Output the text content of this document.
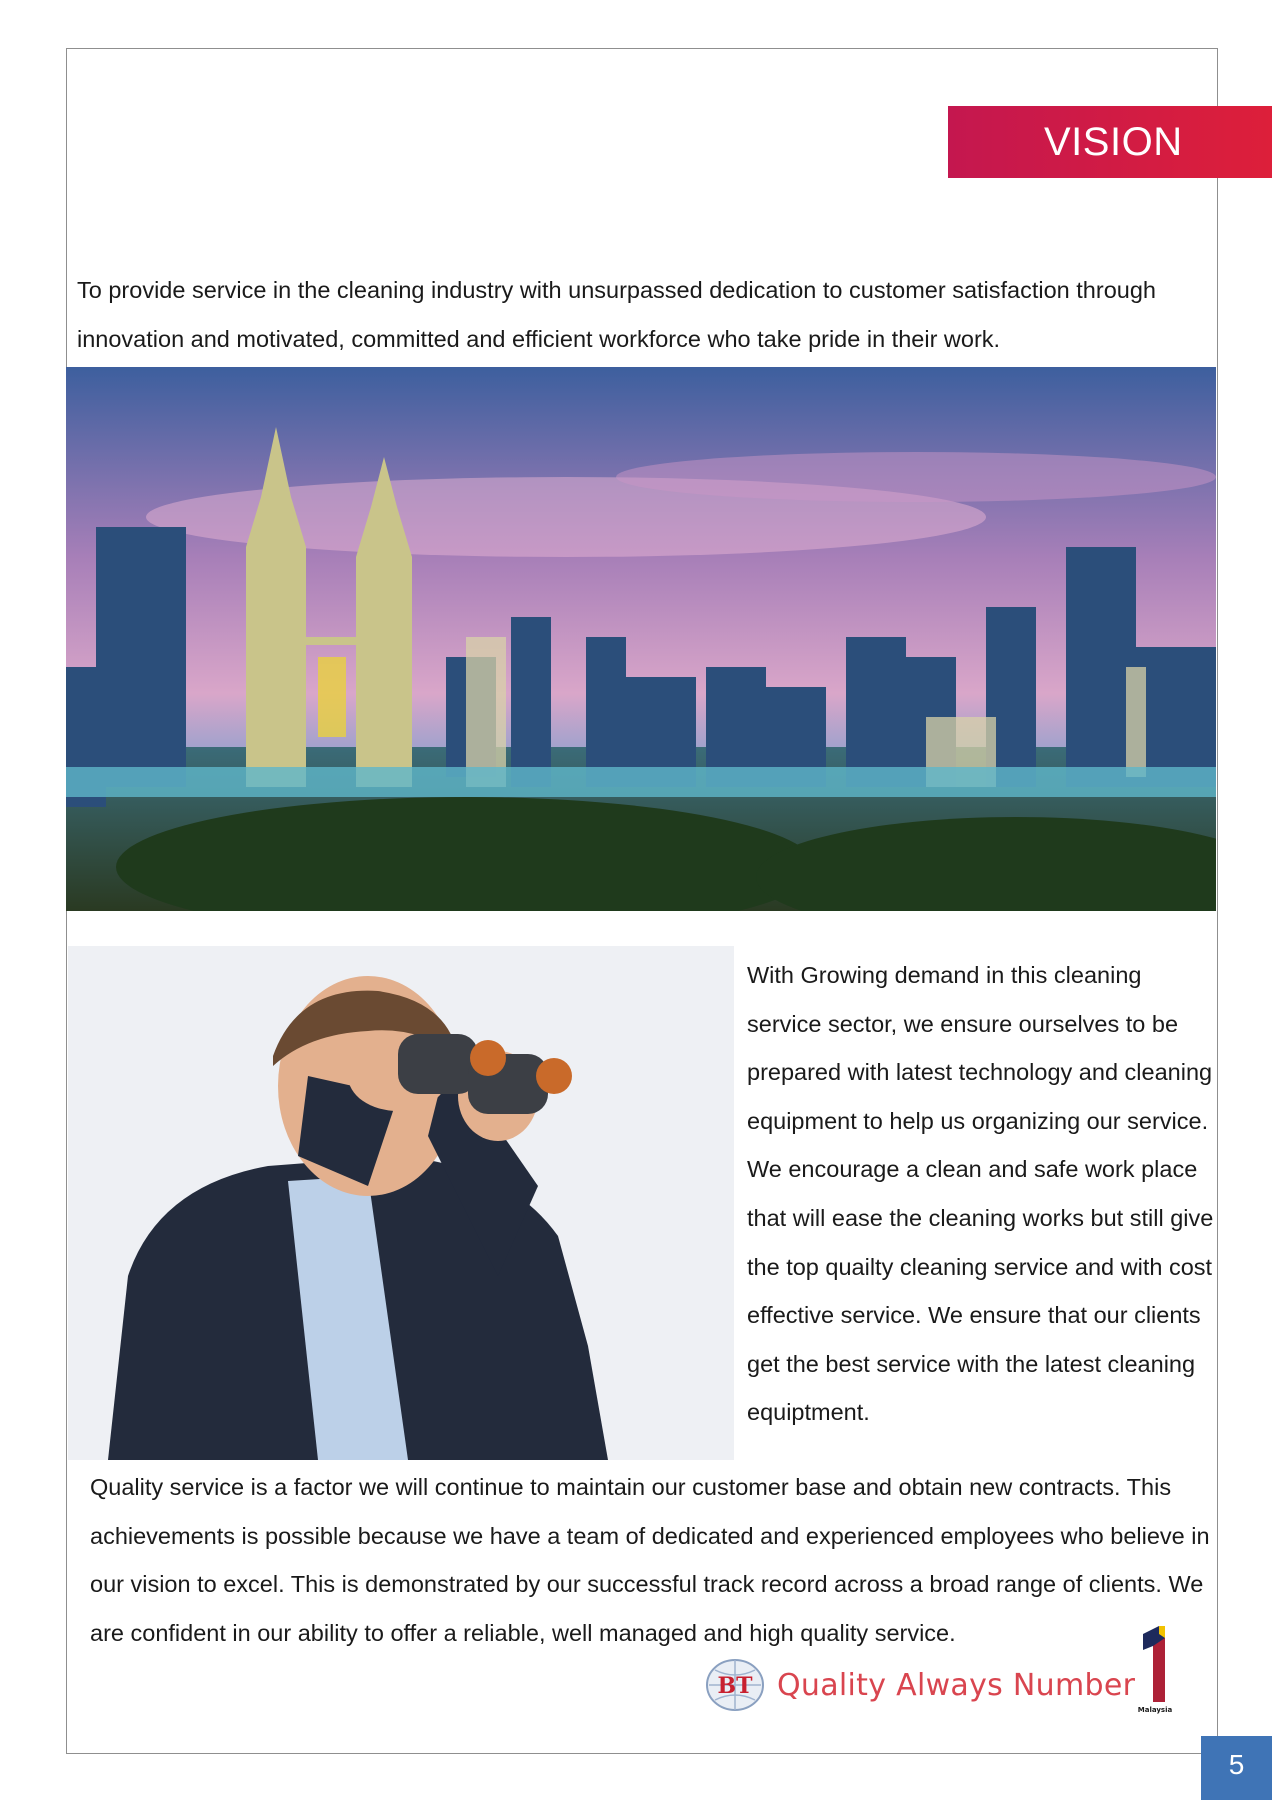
VISION

To provide service in the cleaning industry with unsurpassed dedication to customer satisfaction through innovation and motivated, committed and efficient workforce who take pride in their work.

With Growing demand in this cleaning service sector, we ensure ourselves to be prepared with latest technology and cleaning equipment to help us organizing our service. We encourage a clean and safe work place that will ease the cleaning works but still give the top quailty cleaning service and with cost effective service. We ensure that our clients get the best service with the latest cleaning equiptment.

Quality service is a factor we will continue to maintain our customer base and obtain new contracts. This achievements is possible because we have a team of dedicated and experienced employees who believe in our vision to excel. This is demonstrated by our successful track record across a broad range of clients. We are confident in our ability to offer a reliable, well managed and high quality service.

BT Quality Always Number
Malaysia
5
